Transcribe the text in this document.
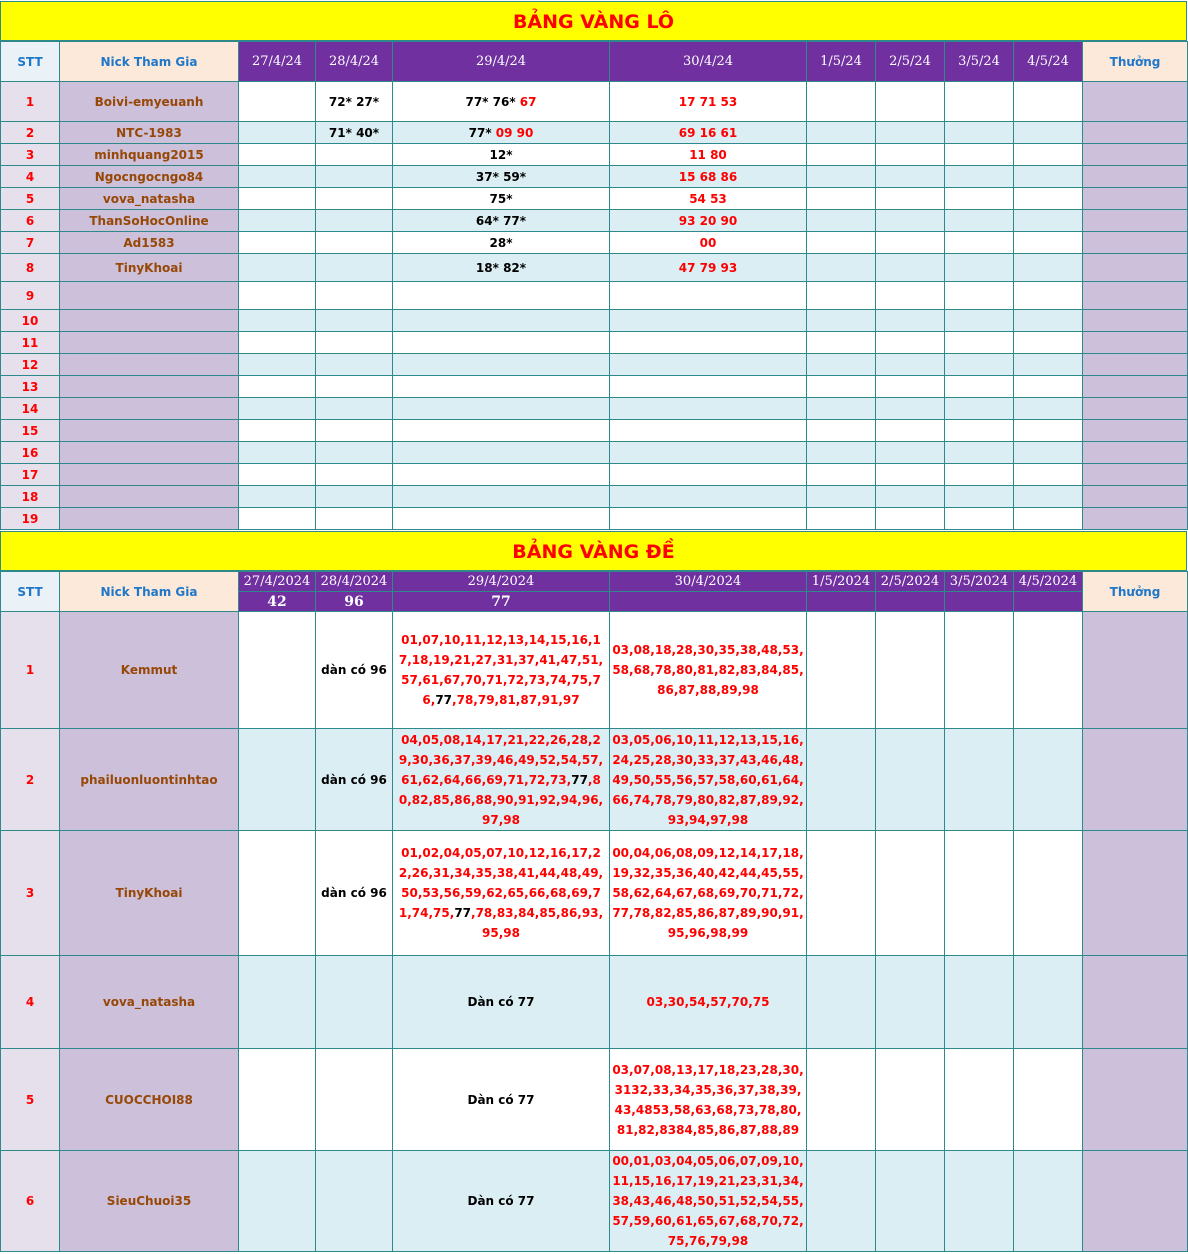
BẢNG VÀNG LÔ
STT	Nick Tham Gia	27/4/24	28/4/24	29/4/24	30/4/24	1/5/24	2/5/24	3/5/24	4/5/24	Thưởng
1	Boivi-emyeuanh		72* 27*	77* 76* 67	17 71 53					
2	NTC-1983		71* 40*	77* 09 90	69 16 61					
3	minhquang2015			12*	11 80					
4	Ngocngocngo84			37* 59*	15 68 86					
5	vova_natasha			75*	54 53					
6	ThanSoHocOnline			64* 77*	93 20 90					
7	Ad1583			28*	00					
8	TinyKhoai			18* 82*	47 79 93					
9										
10										
11										
12										
13										
14										
15										
16										
17										
18										
19										
BẢNG VÀNG ĐỀ
STT	Nick Tham Gia	27/4/2024	28/4/2024	29/4/2024	30/4/2024	1/5/2024	2/5/2024	3/5/2024	4/5/2024	Thưởng
		42	96	77						
1	Kemmut		dàn có 96	01,07,10,11,12,13,14,15,16,17,18,19,21,27,31,37,41,47,51,57,61,67,70,71,72,73,74,75,76,77,78,79,81,87,91,97	03,08,18,28,30,35,38,48,53,58,68,78,80,81,82,83,84,85,86,87,88,89,98					
2	phailuonluontinhtao		dàn có 96	04,05,08,14,17,21,22,26,28,29,30,36,37,39,46,49,52,54,57,61,62,64,66,69,71,72,73,77,80,82,85,86,88,90,91,92,94,96,97,98	03,05,06,10,11,12,13,15,16,24,25,28,30,33,37,43,46,48,49,50,55,56,57,58,60,61,64,66,74,78,79,80,82,87,89,92,93,94,97,98					
3	TinyKhoai		dàn có 96	01,02,04,05,07,10,12,16,17,22,26,31,34,35,38,41,44,48,49,50,53,56,59,62,65,66,68,69,71,74,75,77,78,83,84,85,86,93,95,98	00,04,06,08,09,12,14,17,18,19,32,35,36,40,42,44,45,55,58,62,64,67,68,69,70,71,72,77,78,82,85,86,87,89,90,91,95,96,98,99					
4	vova_natasha			Dàn có 77	03,30,54,57,70,75					
5	CUOCCHOI88			Dàn có 77	03,07,08,13,17,18,23,28,30,3132,33,34,35,36,37,38,39,43,4853,58,63,68,73,78,80,81,82,8384,85,86,87,88,89					
6	SieuChuoi35			Dàn có 77	00,01,03,04,05,06,07,09,10,11,15,16,17,19,21,23,31,34,38,43,46,48,50,51,52,54,55,57,59,60,61,65,67,68,70,72,75,76,79,98					
